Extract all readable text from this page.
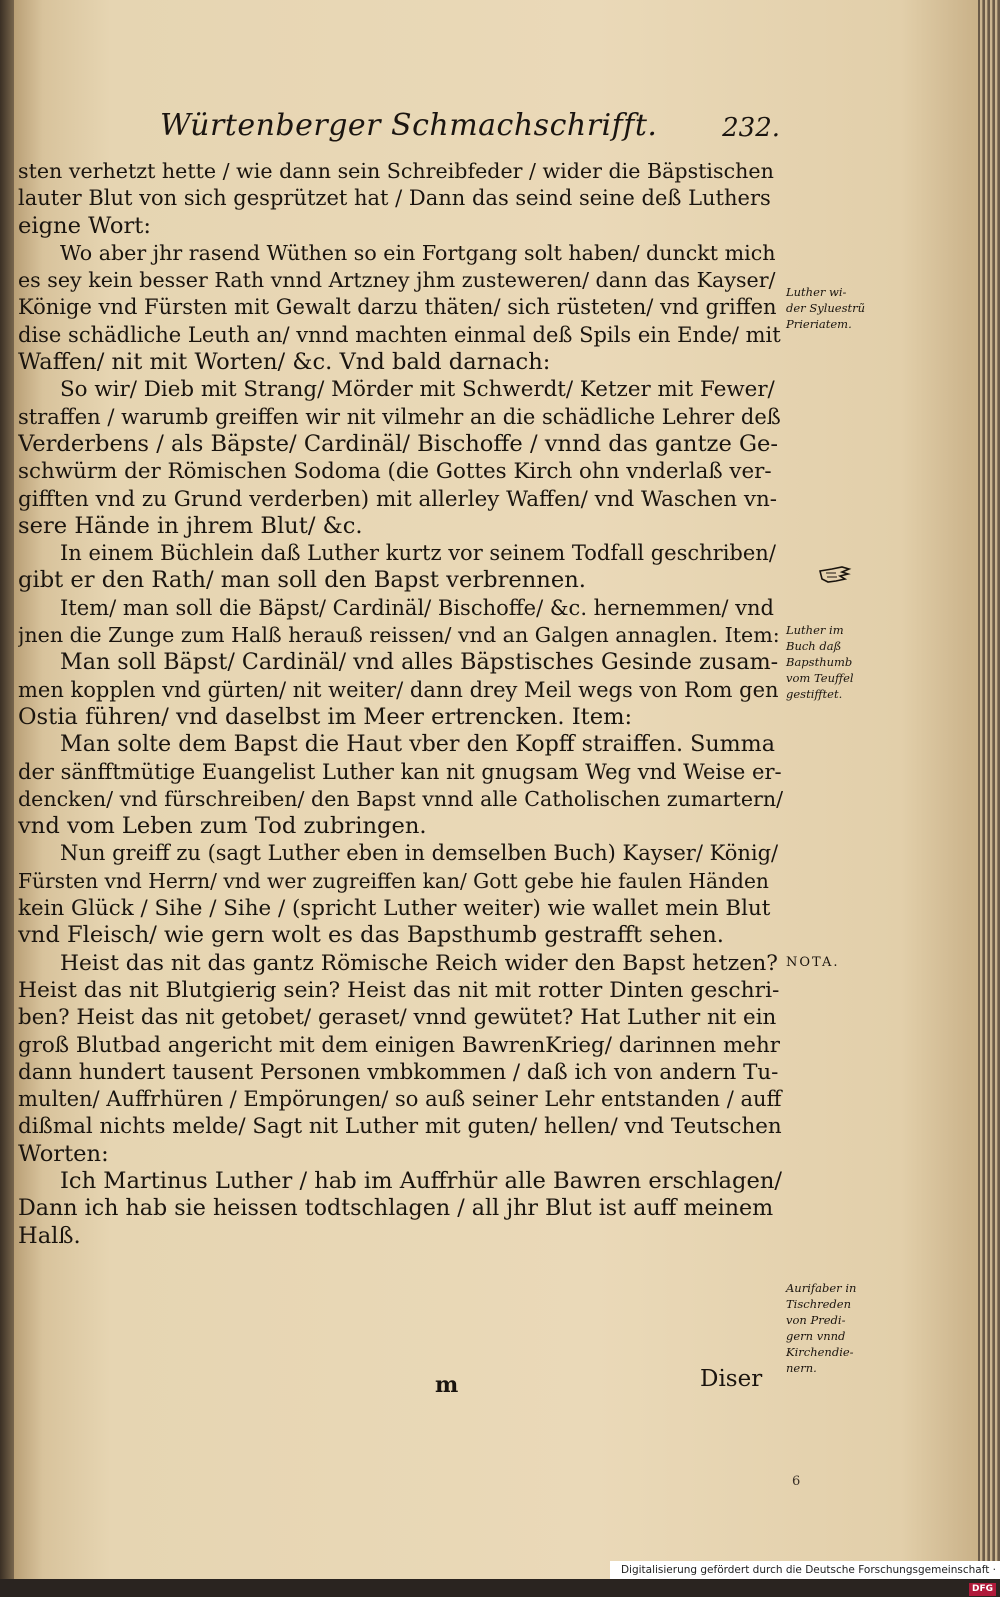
Würtenberger Schmachschrifft. 232.
sten verhetzt hette / wie dann sein Schreibfeder / wider die Bäpstischen
lauter Blut von sich gesprützet hat / Dann das seind seine deß Luthers
eigne Wort:
Wo aber jhr rasend Wüthen so ein Fortgang solt haben/ dunckt mich
es sey kein besser Rath vnnd Artzney jhm zusteweren/ dann das Kayser/
Könige vnd Fürsten mit Gewalt darzu thäten/ sich rüsteten/ vnd griffen
dise schädliche Leuth an/ vnnd machten einmal deß Spils ein Ende/ mit
Waffen/ nit mit Worten/ &c. Vnd bald darnach:
So wir/ Dieb mit Strang/ Mörder mit Schwerdt/ Ketzer mit Fewer/
straffen / warumb greiffen wir nit vilmehr an die schädliche Lehrer deß
Verderbens / als Bäpste/ Cardinäl/ Bischoffe / vnnd das gantze Ge-
schwürm der Römischen Sodoma (die Gottes Kirch ohn vnderlaß ver-
gifften vnd zu Grund verderben) mit allerley Waffen/ vnd Waschen vn-
sere Hände in jhrem Blut/ &c.
In einem Büchlein daß Luther kurtz vor seinem Todfall geschriben/
gibt er den Rath/ man soll den Bapst verbrennen.
Item/ man soll die Bäpst/ Cardinäl/ Bischoffe/ &c. hernemmen/ vnd
jnen die Zunge zum Halß herauß reissen/ vnd an Galgen annaglen. Item:
Man soll Bäpst/ Cardinäl/ vnd alles Bäpstisches Gesinde zusam-
men kopplen vnd gürten/ nit weiter/ dann drey Meil wegs von Rom gen
Ostia führen/ vnd daselbst im Meer ertrencken. Item:
Man solte dem Bapst die Haut vber den Kopff straiffen. Summa
der sänfftmütige Euangelist Luther kan nit gnugsam Weg vnd Weise er-
dencken/ vnd fürschreiben/ den Bapst vnnd alle Catholischen zumartern/
vnd vom Leben zum Tod zubringen.
Nun greiff zu (sagt Luther eben in demselben Buch) Kayser/ König/
Fürsten vnd Herrn/ vnd wer zugreiffen kan/ Gott gebe hie faulen Händen
kein Glück / Sihe / Sihe / (spricht Luther weiter) wie wallet mein Blut
vnd Fleisch/ wie gern wolt es das Bapsthumb gestrafft sehen.
Heist das nit das gantz Römische Reich wider den Bapst hetzen?
Heist das nit Blutgierig sein? Heist das nit mit rotter Dinten geschri-
ben? Heist das nit getobet/ geraset/ vnnd gewütet? Hat Luther nit ein
groß Blutbad angericht mit dem einigen BawrenKrieg/ darinnen mehr
dann hundert tausent Personen vmbkommen / daß ich von andern Tu-
multen/ Auffrhüren / Empörungen/ so auß seiner Lehr entstanden / auff
dißmal nichts melde/ Sagt nit Luther mit guten/ hellen/ vnd Teutschen
Worten:
Ich Martinus Luther / hab im Auffrhür alle Bawren erschlagen/
Dann ich hab sie heissen todtschlagen / all jhr Blut ist auff meinem
Halß.
Luther wi-
der Syluestrũ
Prieriatem.
Luther im
Buch daß
Bapsthumb
vom Teuffel
gestifftet.
NOTA.
Aurifaber in
Tischreden
von Predi-
gern vnnd
Kirchendie-
nern.
m	Diser
6
Digitalisierung gefördert durch die Deutsche Forschungsgemeinschaft ·DFG
